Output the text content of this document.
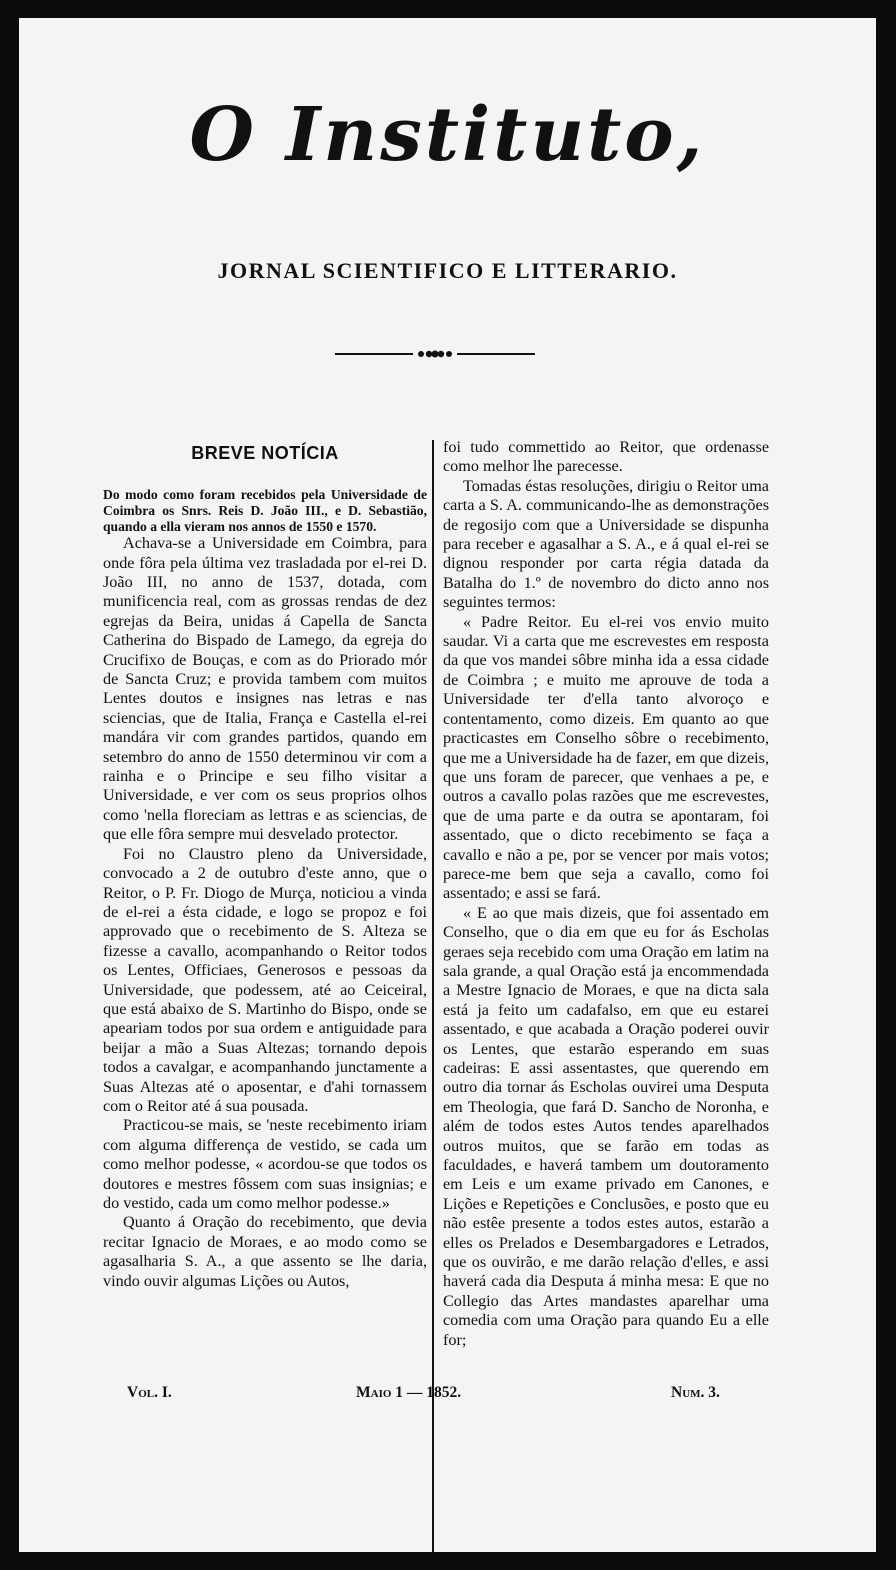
O Instituto,
JORNAL SCIENTIFICO E LITTERARIO.
BREVE NOTÍCIA

Do modo como foram recebidos pela Universidade de Coimbra os Snrs. Reis D. João III., e D. Sebastião, quando a ella vieram nos annos de 1550 e 1570.

Achava-se a Universidade em Coimbra, para onde fôra pela última vez trasladada por el-rei D. João III, no anno de 1537, dotada, com munificencia real, com as grossas rendas de dez egrejas da Beira, unidas á Capella de Sancta Catherina do Bispado de Lamego, da egreja do Crucifixo de Bouças, e com as do Priorado mór de Sancta Cruz; e provida tambem com muitos Lentes doutos e insignes nas letras e nas sciencias, que de Italia, França e Castella el-rei mandára vir com grandes partidos, quando em setembro do anno de 1550 determinou vir com a rainha e o Principe e seu filho visitar a Universidade, e ver com os seus proprios olhos como 'nella floreciam as lettras e as sciencias, de que elle fôra sempre mui desvelado protector.

Foi no Claustro pleno da Universidade, convocado a 2 de outubro d'este anno, que o Reitor, o P. Fr. Diogo de Murça, noticiou a vinda de el-rei a ésta cidade, e logo se propoz e foi approvado que o recebimento de S. Alteza se fizesse a cavallo, acompanhando o Reitor todos os Lentes, Officiaes, Generosos e pessoas da Universidade, que podessem, até ao Ceiceiral, que está abaixo de S. Martinho do Bispo, onde se apeariam todos por sua ordem e antiguidade para beijar a mão a Suas Altezas; tornando depois todos a cavalgar, e acompanhando junctamente a Suas Altezas até o aposentar, e d'ahi tornassem com o Reitor até á sua pousada.

Practicou-se mais, se 'neste recebimento iriam com alguma differença de vestido, se cada um como melhor podesse, « acordou-se que todos os doutores e mestres fôssem com suas insignias; e do vestido, cada um como melhor podesse.»

Quanto á Oração do recebimento, que devia recitar Ignacio de Moraes, e ao modo como se agasalharia S. A., a que assento se lhe daria, vindo ouvir algumas Lições ou Autos,

foi tudo commettido ao Reitor, que ordenasse como melhor lhe parecesse.

Tomadas éstas resoluções, dirigiu o Reitor uma carta a S. A. communicando-lhe as demonstrações de regosijo com que a Universidade se dispunha para receber e agasalhar a S. A., e á qual el-rei se dignou responder por carta régia datada da Batalha do 1.º de novembro do dicto anno nos seguintes termos:

« Padre Reitor. Eu el-rei vos envio muito saudar. Vi a carta que me escrevestes em resposta da que vos mandei sôbre minha ida a essa cidade de Coimbra ; e muito me aprouve de toda a Universidade ter d'ella tanto alvoroço e contentamento, como dizeis. Em quanto ao que practicastes em Conselho sôbre o recebimento, que me a Universidade ha de fazer, em que dizeis, que uns foram de parecer, que venhaes a pe, e outros a cavallo polas razões que me escrevestes, que de uma parte e da outra se apontaram, foi assentado, que o dicto recebimento se faça a cavallo e não a pe, por se vencer por mais votos; parece-me bem que seja a cavallo, como foi assentado; e assi se fará.

« E ao que mais dizeis, que foi assentado em Conselho, que o dia em que eu for ás Escholas geraes seja recebido com uma Oração em latim na sala grande, a qual Oração está ja encommendada a Mestre Ignacio de Moraes, e que na dicta sala está ja feito um cadafalso, em que eu estarei assentado, e que acabada a Oração poderei ouvir os Lentes, que estarão esperando em suas cadeiras: E assi assentastes, que querendo em outro dia tornar ás Escholas ouvirei uma Desputa em Theologia, que fará D. Sancho de Noronha, e além de todos estes Autos tendes aparelhados outros muitos, que se farão em todas as faculdades, e haverá tambem um doutoramento em Leis e um exame privado em Canones, e Lições e Repetições e Conclusões, e posto que eu não estêe presente a todos estes autos, estarão a elles os Prelados e Desembargadores e Letrados, que os ouvirão, e me darão relação d'elles, e assi haverá cada dia Desputa á minha mesa: E que no Collegio das Artes mandastes aparelhar uma comedia com uma Oração para quando Eu a elle for;

Vol. I.	Maio 1 — 1852.	Num. 3.
